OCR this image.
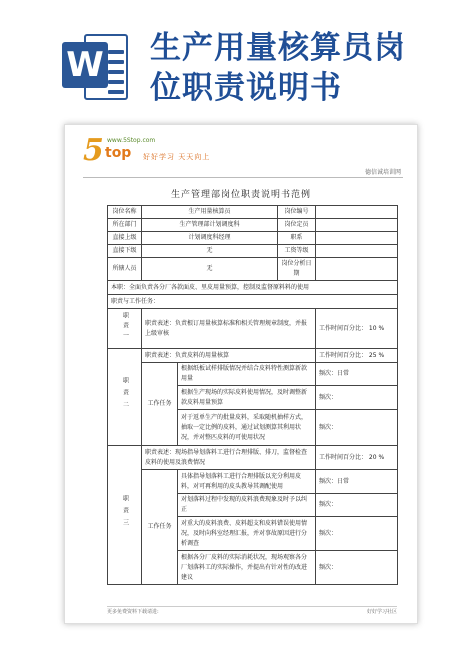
W 生产用量核算员岗
位职责说明书
5 www.5Stop.com
top 好好学习 天天向上
德信诚培训网
生产管理部岗位职责说明书范例
岗位名称	生产用量核算员		岗位编号	
所在部门	生产管理部计划调度科		岗位定员	
直接上级	计划调度科经理		职系	
直接下级	无		工资等级	
所辖人员	无		岗位分析日期	
本职：全面负责各分厂各款面皮、里皮用量预算，控制及监督原料料的使用				
职责与工作任务：				
职责一	职责表述：负责根订用量核算标准和相关管理规章制度，并报上级审核			工作时间百分比： 10 %
职责二	职责表述：负责皮料的用量核算			工作时间百分比： 25 %
	工作任务	根据纸板试样排版情况并结合皮料特性测算新款用量		频次：日常
		根据生产现场的实际皮料使用情况，及时调整新款皮料用量预算		频次：
		对于返单生产的批量皮料，采取随机抽样方式，抽取一定比例的皮料，通过试划测算其利用状况，并对整匹皮料的可使用状况		频次：
职责三	职责表述：现场指导划落料工进行合理排版、排刀，监督检查皮料的使用及浪费情况			工作时间百分比： 20 %
	工作任务	具体指导划落料工进行合理排版以充分利用皮料，对可再利用的皮头教导其调配使用		频次：日常
		对划落料过程中发现的皮料浪费现象及时予以纠正		频次：
		对重大的皮料浪费、皮料超支和皮料错误使用情况，及时向科室经理汇报，并对事故原因进行分析调查		频次：
		根据各分厂皮料的实际消耗状况，现场观察各分厂划落料工的实际操作，并提出有针对性的改进建议		频次：
更多免费资料下载请进:	好好学习社区
